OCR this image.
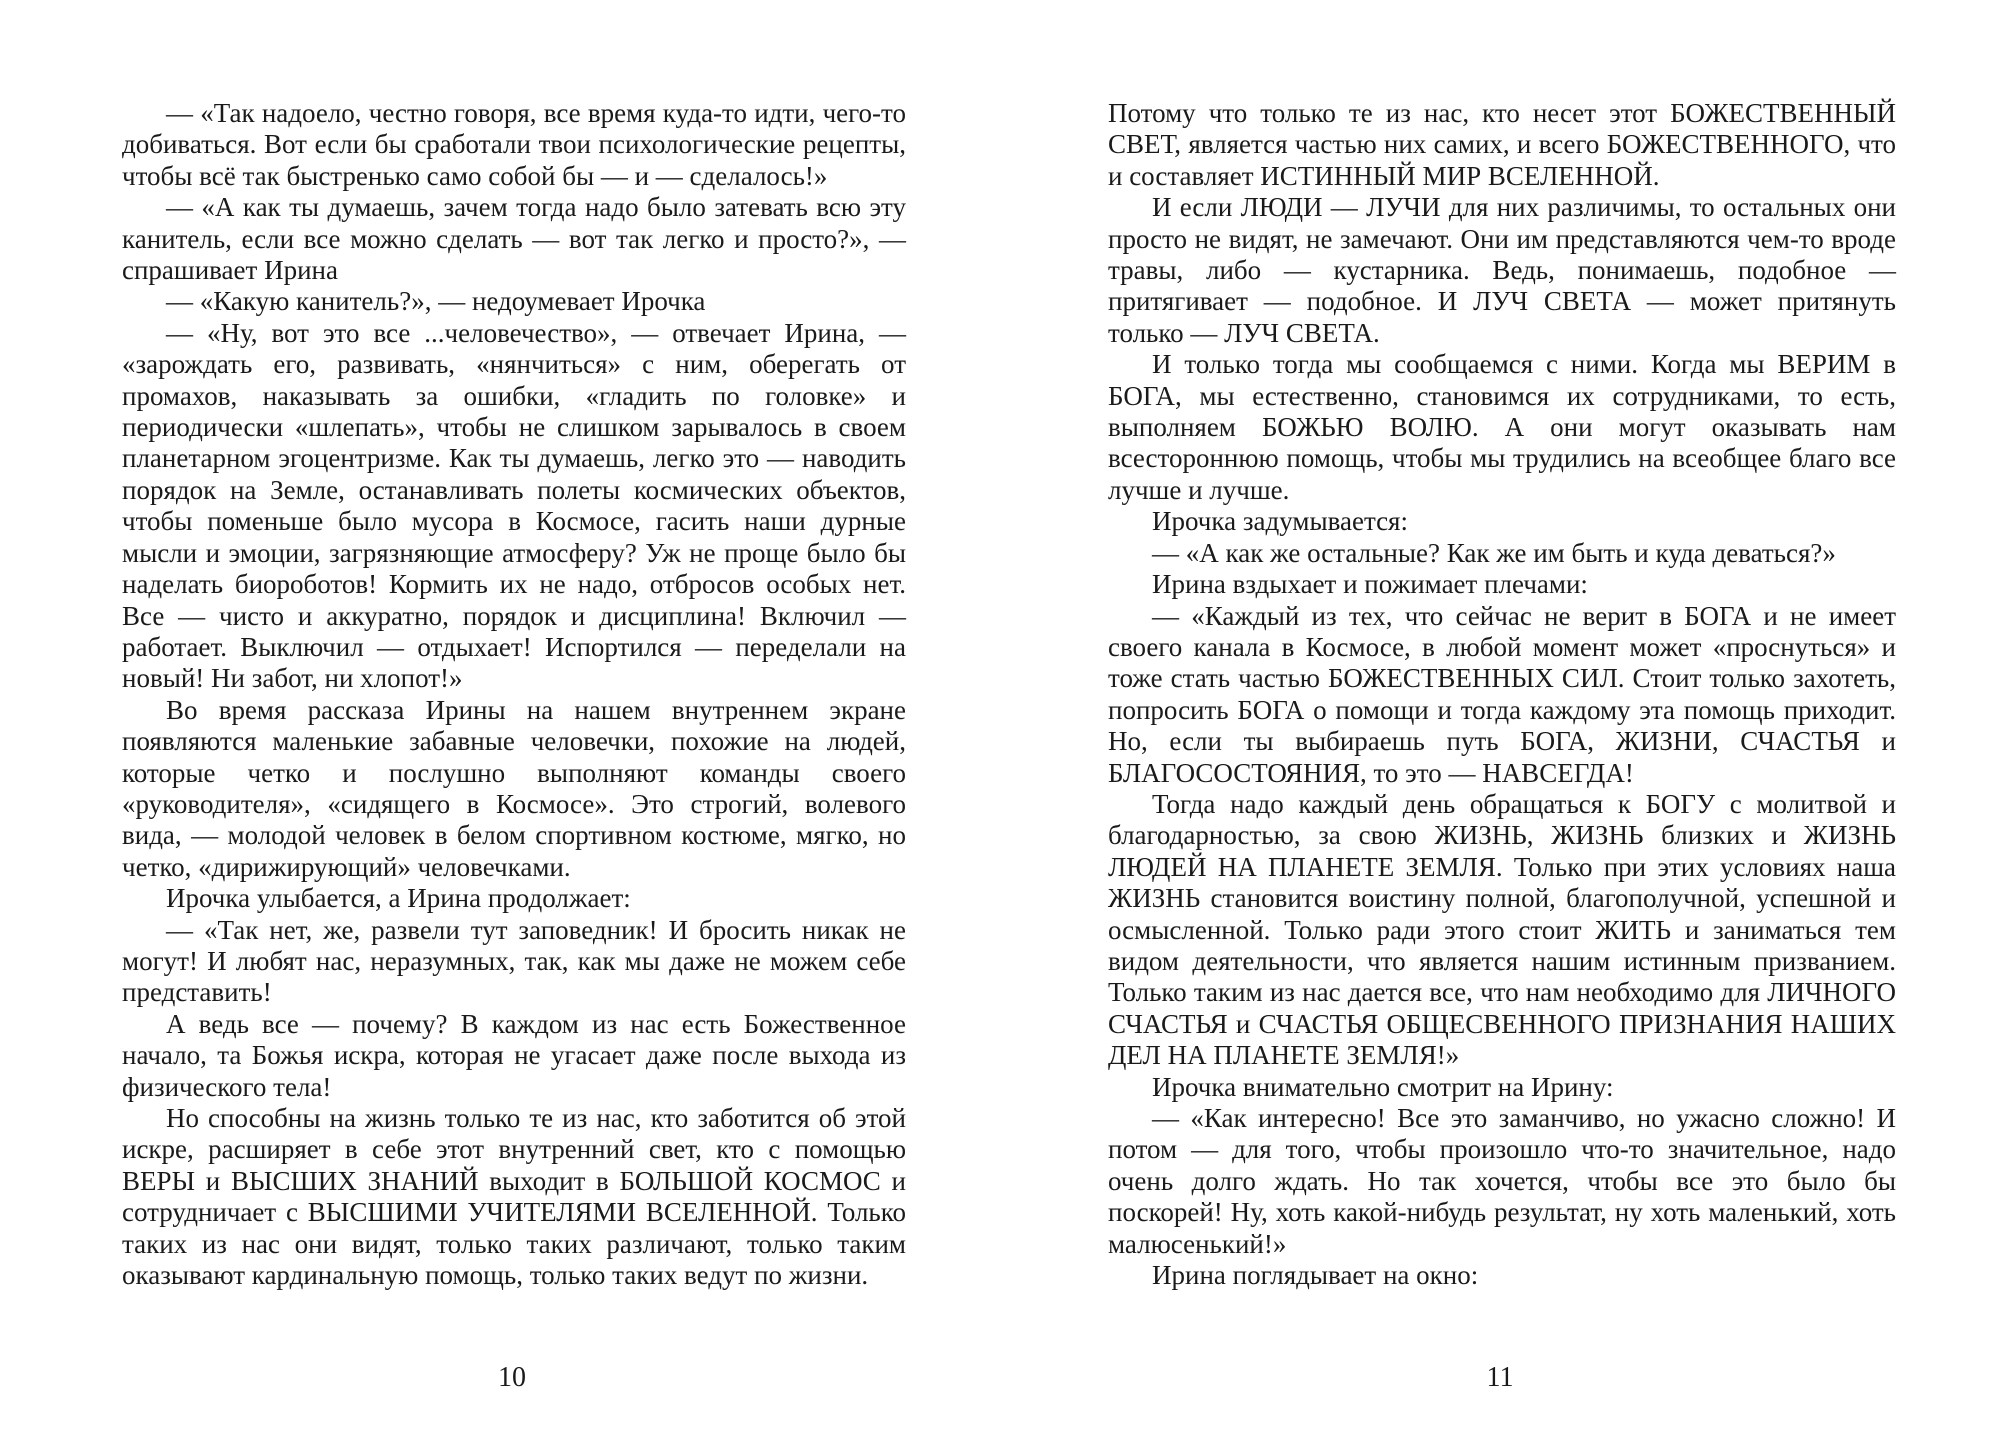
— «Так надоело, честно говоря, все время куда-то идти, чего-то добиваться. Вот если бы сработали твои психологические рецепты, чтобы всё так быстренько само собой бы — и — сделалось!»

— «А как ты думаешь, зачем тогда надо было затевать всю эту канитель, если все можно сделать — вот так легко и просто?», — спрашивает Ирина

— «Какую канитель?», — недоумевает Ирочка

— «Ну, вот это все ...человечество», — отвечает Ирина, — «зарождать его, развивать, «нянчиться» с ним, оберегать от промахов, наказывать за ошибки, «гладить по головке» и периодически «шлепать», чтобы не слишком зарывалось в своем планетарном эгоцентризме. Как ты думаешь, легко это — наводить порядок на Земле, останавливать полеты космических объектов, чтобы поменьше было мусора в Космосе, гасить наши дурные мысли и эмоции, загрязняющие атмосферу? Уж не проще было бы наделать биороботов! Кормить их не надо, отбросов особых нет. Все — чисто и аккуратно, порядок и дисциплина! Включил — работает. Выключил — отдыхает! Испортился — переделали на новый! Ни забот, ни хлопот!»

Во время рассказа Ирины на нашем внутреннем экране появляются маленькие забавные человечки, похожие на людей, которые четко и послушно выполняют команды своего «руководителя», «сидящего в Космосе». Это строгий, волевого вида, — молодой человек в белом спортивном костюме, мягко, но четко, «дирижирующий» человечками.

Ирочка улыбается, а Ирина продолжает:

— «Так нет, же, развели тут заповедник! И бросить никак не могут! И любят нас, неразумных, так, как мы даже не можем себе представить!

А ведь все — почему? В каждом из нас есть Божественное начало, та Божья искра, которая не угасает даже после выхода из физического тела!

Но способны на жизнь только те из нас, кто заботится об этой искре, расширяет в себе этот внутренний свет, кто с помощью ВЕРЫ и ВЫСШИХ ЗНАНИЙ выходит в БОЛЬШОЙ КОСМОС и сотрудничает с ВЫСШИМИ УЧИТЕЛЯМИ ВСЕЛЕННОЙ. Только таких из нас они видят, только таких различают, только таким оказывают кардинальную помощь, только таких ведут по жизни.

10

Потому что только те из нас, кто несет этот БОЖЕСТВЕННЫЙ СВЕТ, является частью них самих, и всего БОЖЕСТВЕННОГО, что и составляет ИСТИННЫЙ МИР ВСЕЛЕННОЙ.

И если ЛЮДИ — ЛУЧИ для них различимы, то остальных они просто не видят, не замечают. Они им представляются чем-то вроде травы, либо — кустарника. Ведь, понимаешь, подобное — притягивает — подобное. И ЛУЧ СВЕТА — может притянуть только — ЛУЧ СВЕТА.

И только тогда мы сообщаемся с ними. Когда мы ВЕРИМ в БОГА, мы естественно, становимся их сотрудниками, то есть, выполняем БОЖЬЮ ВОЛЮ. А они могут оказывать нам всестороннюю помощь, чтобы мы трудились на всеобщее благо все лучше и лучше.

Ирочка задумывается:

— «А как же остальные? Как же им быть и куда деваться?»

Ирина вздыхает и пожимает плечами:

— «Каждый из тех, что сейчас не верит в БОГА и не имеет своего канала в Космосе, в любой момент может «проснуться» и тоже стать частью БОЖЕСТВЕННЫХ СИЛ. Стоит только захотеть, попросить БОГА о помощи и тогда каждому эта помощь приходит. Но, если ты выбираешь путь БОГА, ЖИЗНИ, СЧАСТЬЯ и БЛАГОСОСТОЯНИЯ, то это — НАВСЕГДА!

Тогда надо каждый день обращаться к БОГУ с молитвой и благодарностью, за свою ЖИЗНЬ, ЖИЗНЬ близких и ЖИЗНЬ ЛЮДЕЙ НА ПЛАНЕТЕ ЗЕМЛЯ. Только при этих условиях наша ЖИЗНЬ становится воистину полной, благополучной, успешной и осмысленной. Только ради этого стоит ЖИТЬ и заниматься тем видом деятельности, что является нашим истинным призванием. Только таким из нас дается все, что нам необходимо для ЛИЧНОГО СЧАСТЬЯ и СЧАСТЬЯ ОБЩЕСВЕННОГО ПРИЗНАНИЯ НАШИХ ДЕЛ НА ПЛАНЕТЕ ЗЕМЛЯ!»

Ирочка внимательно смотрит на Ирину:

— «Как интересно! Все это заманчиво, но ужасно сложно! И потом — для того, чтобы произошло что-то значительное, надо очень долго ждать. Но так хочется, чтобы все это было бы поскорей! Ну, хоть какой-нибудь результат, ну хоть маленький, хоть малюсенький!»

Ирина поглядывает на окно:

11
